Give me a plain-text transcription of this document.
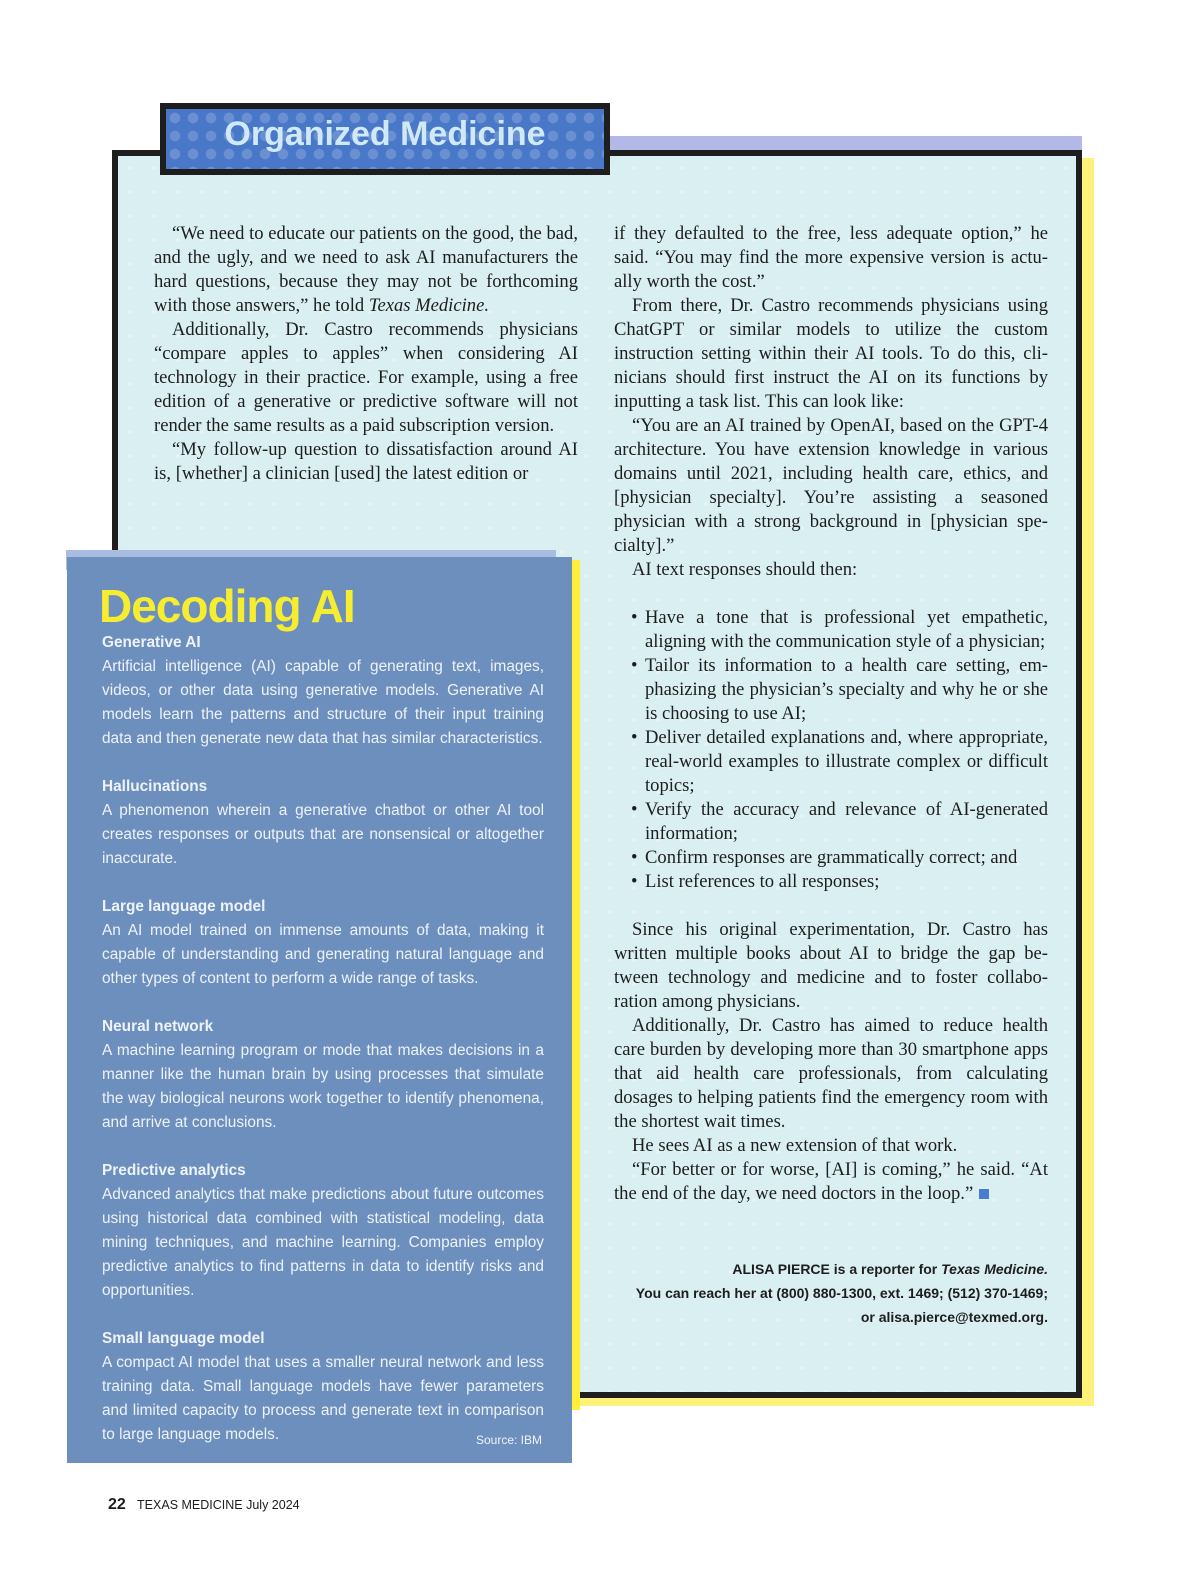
Organized Medicine

“We need to educate our patients on the good, the bad, and the ugly, and we need to ask AI manufacturers the hard questions, because they may not be forthcoming with those answers,” he told Texas Medicine.

Additionally, Dr. Castro recommends physicians “compare apples to apples” when considering AI technology in their practice. For example, using a free edition of a generative or predictive software will not render the same results as a paid subscription version.

“My follow-up question to dissatisfaction around AI is, [whether] a clinician [used] the latest edition or

if they defaulted to the free, less adequate option,” he said. “You may find the more expensive version is actually worth the cost.”

From there, Dr. Castro recommends physicians using ChatGPT or similar models to utilize the custom instruction setting within their AI tools. To do this, clinicians should first instruct the AI on its functions by inputting a task list. This can look like:

“You are an AI trained by OpenAI, based on the GPT-4 architecture. You have extension knowledge in various domains until 2021, including health care, ethics, and [physician specialty]. You’re assisting a seasoned physician with a strong background in [physician specialty].”

AI text responses should then:

• Have a tone that is professional yet empathetic, aligning with the communication style of a physician;
• Tailor its information to a health care setting, emphasizing the physician’s specialty and why he or she is choosing to use AI;
• Deliver detailed explanations and, where appropriate, real-world examples to illustrate complex or difficult topics;
• Verify the accuracy and relevance of AI-generated information;
• Confirm responses are grammatically correct; and
• List references to all responses;

Since his original experimentation, Dr. Castro has written multiple books about AI to bridge the gap between technology and medicine and to foster collaboration among physicians.

Additionally, Dr. Castro has aimed to reduce health care burden by developing more than 30 smartphone apps that aid health care professionals, from calculating dosages to helping patients find the emergency room with the shortest wait times.

He sees AI as a new extension of that work.

“For better or for worse, [AI] is coming,” he said. “At the end of the day, we need doctors in the loop.”

ALISA PIERCE is a reporter for Texas Medicine.
You can reach her at (800) 880-1300, ext. 1469; (512) 370-1469;
or alisa.pierce@texmed.org.
Decoding AI
Generative AI
Artificial intelligence (AI) capable of generating text, images, videos, or other data using generative models. Generative AI models learn the patterns and structure of their input training data and then generate new data that has similar characteristics.
Hallucinations
A phenomenon wherein a generative chatbot or other AI tool creates responses or outputs that are nonsensical or altogether inaccurate.
Large language model
An AI model trained on immense amounts of data, making it capable of understanding and generating natural language and other types of content to perform a wide range of tasks.
Neural network
A machine learning program or mode that makes decisions in a manner like the human brain by using processes that simulate the way biological neurons work together to identify phenomena, and arrive at conclusions.
Predictive analytics
Advanced analytics that make predictions about future outcomes using historical data combined with statistical modeling, data mining techniques, and machine learning. Companies employ predictive analytics to find patterns in data to identify risks and opportunities.
Small language model
A compact AI model that uses a smaller neural network and less training data. Small language models have fewer parameters and limited capacity to process and generate text in comparison to large language models.	Source: IBM
22 TEXAS MEDICINE July 2024
